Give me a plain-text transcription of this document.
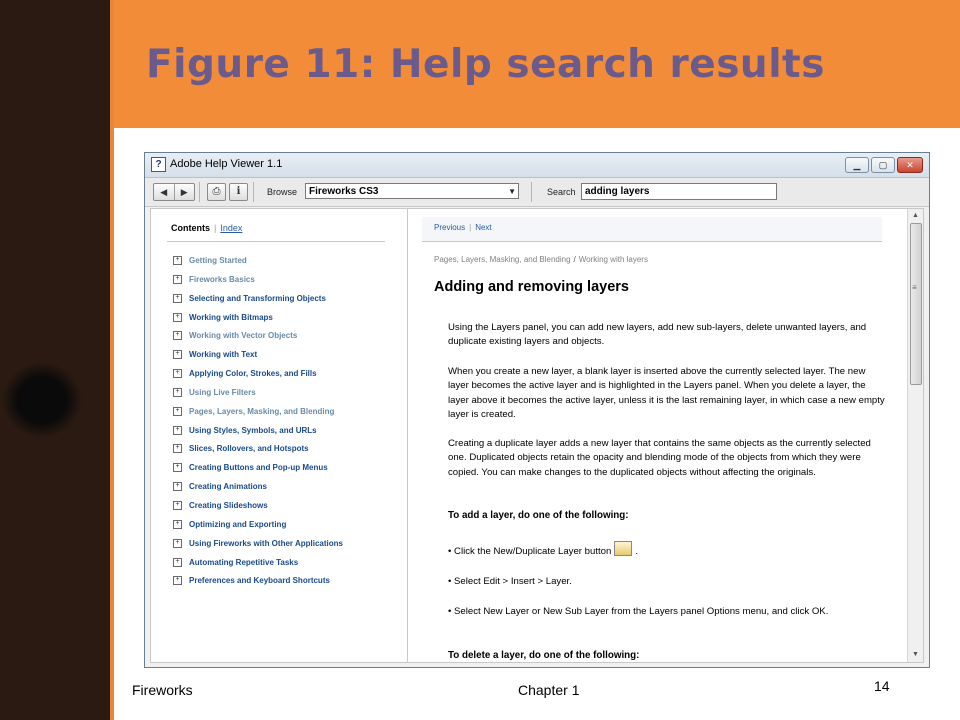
Figure 11: Help search results
? Adobe Help Viewer 1.1	▁	▢	✕
◀	▶	⎙	i	Browse	Fireworks CS3	▼	Search adding layers
Contents | Index
+	Getting Started
+	Fireworks Basics
+	Selecting and Transforming Objects
+	Working with Bitmaps
+	Working with Vector Objects
+	Working with Text
+	Applying Color, Strokes, and Fills
+	Using Live Filters
+	Pages, Layers, Masking, and Blending
+	Using Styles, Symbols, and URLs
+	Slices, Rollovers, and Hotspots
+	Creating Buttons and Pop-up Menus
+	Creating Animations
+	Creating Slideshows
+	Optimizing and Exporting
+	Using Fireworks with Other Applications
+	Automating Repetitive Tasks
+	Preferences and Keyboard Shortcuts
Previous | Next
Pages, Layers, Masking, and Blending / Working with layers
Adding and removing layers

Using the Layers panel, you can add new layers, add new sub-layers, delete unwanted layers, and duplicate existing layers and objects.

When you create a new layer, a blank layer is inserted above the currently selected layer. The new layer becomes the active layer and is highlighted in the Layers panel. When you delete a layer, the layer above it becomes the active layer, unless it is the last remaining layer, in which case a new empty layer is created.

Creating a duplicate layer adds a new layer that contains the same objects as the currently selected one. Duplicated objects retain the opacity and blending mode of the objects from which they were copied. You can make changes to the duplicated objects without affecting the originals.

To add a layer, do one of the following:

• Click the New/Duplicate Layer button	.

• Select Edit > Insert > Layer.

• Select New Layer or New Sub Layer from the Layers panel Options menu, and click OK.

To delete a layer, do one of the following:

▲
≡
▼
Fireworks	Chapter 1	14
